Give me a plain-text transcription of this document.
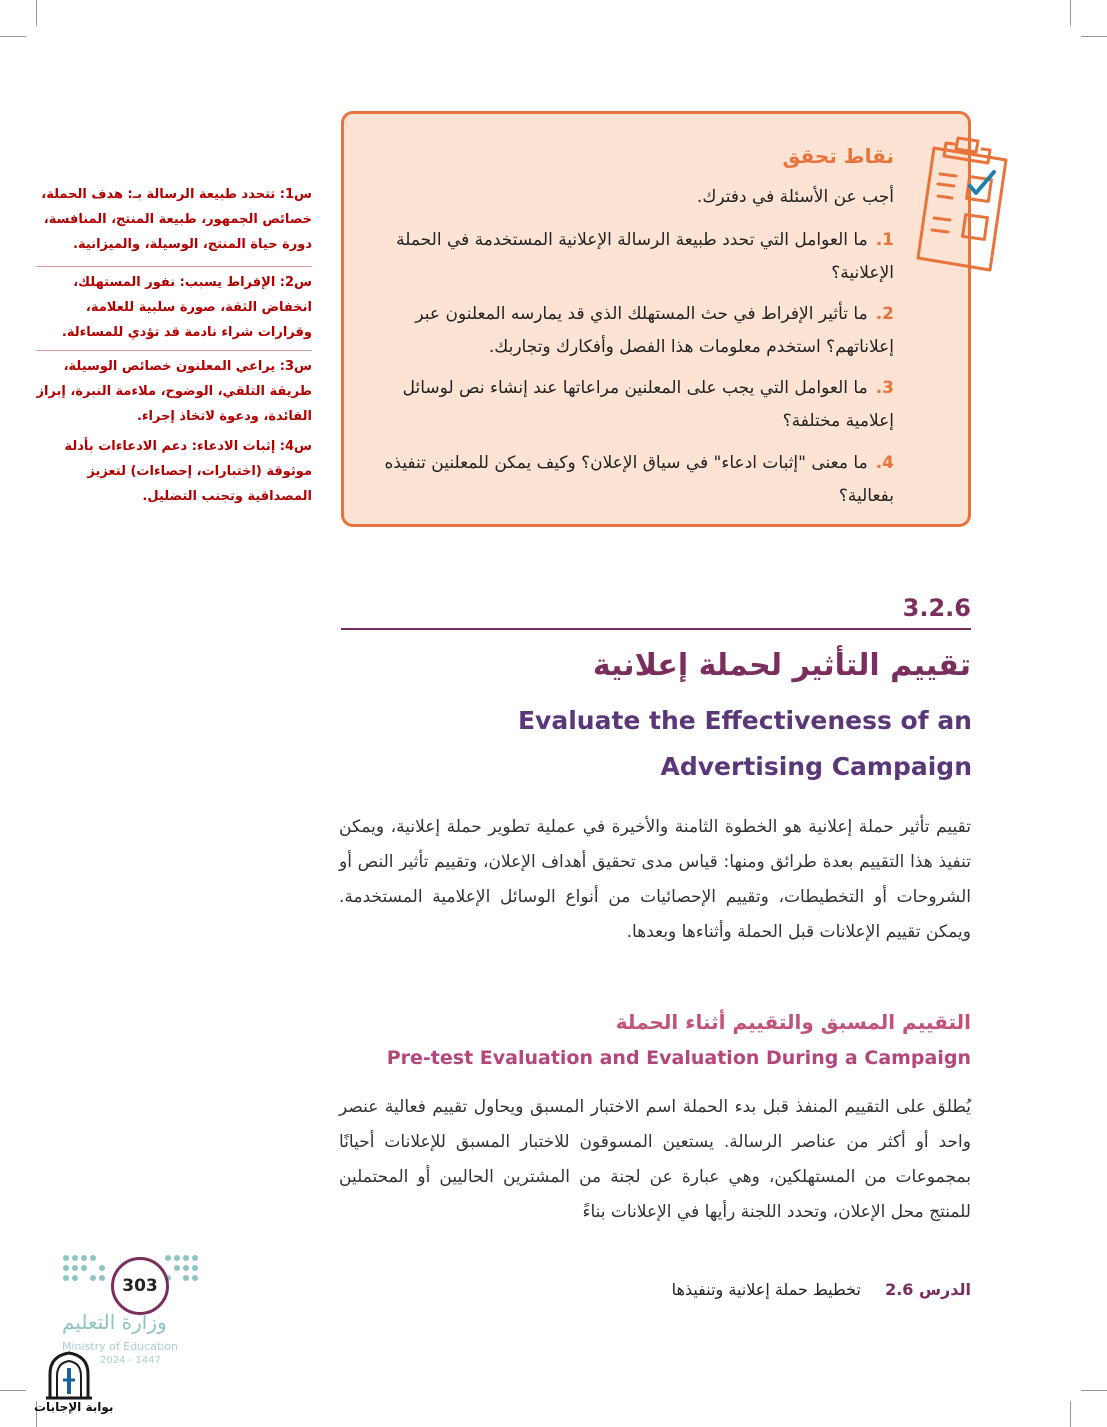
نقاط تحقق
أجب عن الأسئلة في دفترك.
1.ما العوامل التي تحدد طبيعة الرسالة الإعلانية المستخدمة في الحملة الإعلانية؟
2.ما تأثير الإفراط في حث المستهلك الذي قد يمارسه المعلنون عبر إعلاناتهم؟ استخدم معلومات هذا الفصل وأفكارك وتجاربك.
3.ما العوامل التي يجب على المعلنين مراعاتها عند إنشاء نص لوسائل إعلامية مختلفة؟
4.ما معنى "إثبات ادعاء" في سياق الإعلان؟ وكيف يمكن للمعلنين تنفيذه بفعالية؟
س1: تتحدد طبيعة الرسالة بـ: هدف الحملة، خصائص الجمهور، طبيعة المنتج، المنافسة، دورة حياة المنتج، الوسيلة، والميزانية.
س2: الإفراط يسبب: نفور المستهلك، انخفاض الثقة، صورة سلبية للعلامة، وقرارات شراء نادمة قد تؤدي للمساءلة.
س3: يراعي المعلنون خصائص الوسيلة، طريقة التلقي، الوضوح، ملاءمة النبرة، إبراز الفائدة، ودعوة لاتخاذ إجراء.
س4: إثبات الادعاء: دعم الادعاءات بأدلة موثوقة (اختبارات، إحصاءات) لتعزيز المصداقية وتجنب التضليل.
3.2.6
تقييم التأثير لحملة إعلانية
Evaluate the Effectiveness of an Advertising Campaign
تقييم تأثير حملة إعلانية هو الخطوة الثامنة والأخيرة في عملية تطوير حملة إعلانية، ويمكن تنفيذ هذا التقييم بعدة طرائق ومنها: قياس مدى تحقيق أهداف الإعلان، وتقييم تأثير النص أو الشروحات أو التخطيطات، وتقييم الإحصائيات من أنواع الوسائل الإعلامية المستخدمة. ويمكن تقييم الإعلانات قبل الحملة وأثناءها وبعدها.
التقييم المسبق والتقييم أثناء الحملة
Pre-test Evaluation and Evaluation During a Campaign
يُطلق على التقييم المنفذ قبل بدء الحملة اسم الاختبار المسبق ويحاول تقييم فعالية عنصر واحد أو أكثر من عناصر الرسالة. يستعين المسوقون للاختبار المسبق للإعلانات أحيانًا بمجموعات من المستهلكين، وهي عبارة عن لجنة من المشترين الحاليين أو المحتملين للمنتج محل الإعلان، وتحدد اللجنة رأيها في الإعلانات بناءً
303
وزارة التعليم
Ministry of Education
2024 - 1447
الدرس 2.6  تخطيط حملة إعلانية وتنفيذها
بوابة الإجابات
